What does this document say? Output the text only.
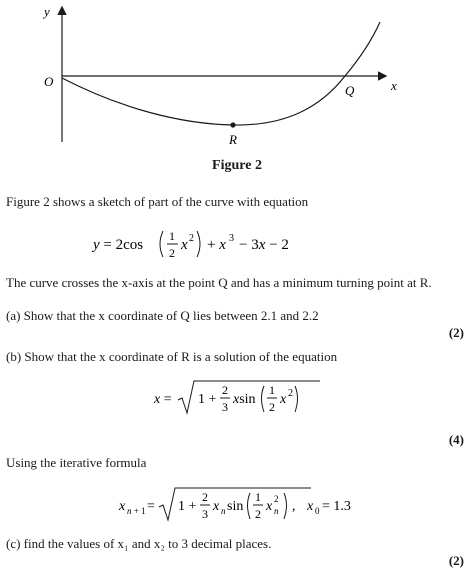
y
x
O
Q
R
Figure 2
Figure 2 shows a sketch of part of the curve with equation
y = 2cos
1
2 x 2 + x 3 − 3x − 2
The curve crosses the x-axis at the point Q and has a minimum turning point at R.
(a) Show that the x coordinate of Q lies between 2.1 and 2.2
(2)
(b) Show that the x coordinate of R is a solution of the equation
x = 1 +
2
3 xsin
1
2 x 2
(4)
Using the iterative formula
x n + 1 = 1 +
2
3 x n sin
1
2 x n
2 , x 0 = 1.3
(c) find the values of x₁ and x₂ to 3 decimal places.
(2)
